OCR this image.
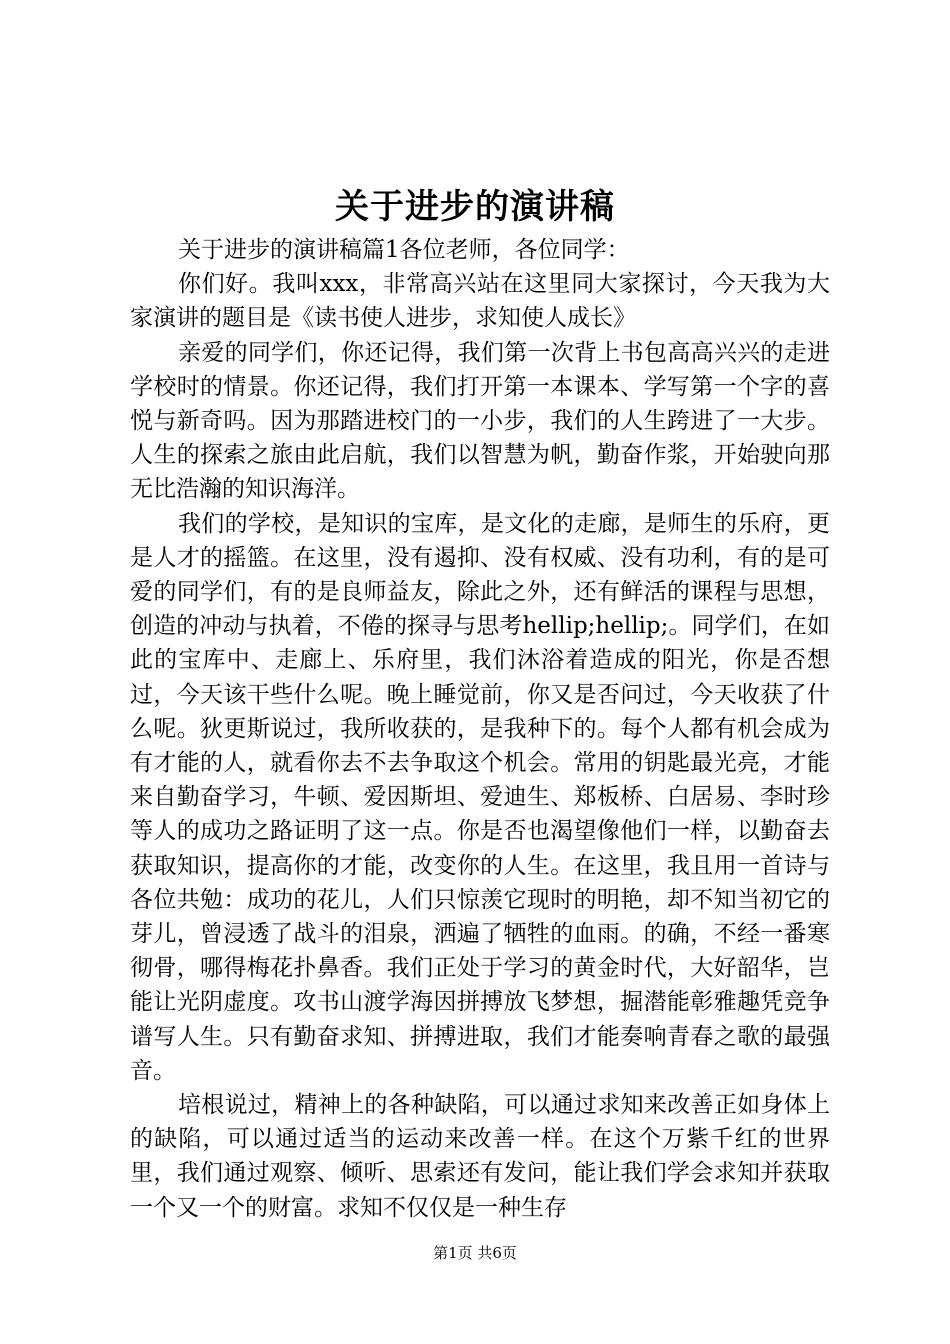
关于进步的演讲稿

关于进步的演讲稿篇1各位老师，各位同学：

你们好。我叫xxx，非常高兴站在这里同大家探讨，今天我为大家演讲的题目是《读书使人进步，求知使人成长》

亲爱的同学们，你还记得，我们第一次背上书包高高兴兴的走进学校时的情景。你还记得，我们打开第一本课本、学写第一个字的喜悦与新奇吗。因为那踏进校门的一小步，我们的人生跨进了一大步。人生的探索之旅由此启航，我们以智慧为帆，勤奋作浆，开始驶向那无比浩瀚的知识海洋。

我们的学校，是知识的宝库，是文化的走廊，是师生的乐府，更是人才的摇篮。在这里，没有遏抑、没有权威、没有功利，有的是可爱的同学们，有的是良师益友，除此之外，还有鲜活的课程与思想，创造的冲动与执着，不倦的探寻与思考hellip;hellip;。同学们，在如此的宝库中、走廊上、乐府里，我们沐浴着造成的阳光，你是否想过，今天该干些什么呢。晚上睡觉前，你又是否问过，今天收获了什么呢。狄更斯说过，我所收获的，是我种下的。每个人都有机会成为有才能的人，就看你去不去争取这个机会。常用的钥匙最光亮，才能来自勤奋学习，牛顿、爱因斯坦、爱迪生、郑板桥、白居易、李时珍等人的成功之路证明了这一点。你是否也渴望像他们一样，以勤奋去获取知识，提高你的才能，改变你的人生。在这里，我且用一首诗与各位共勉：成功的花儿，人们只惊羡它现时的明艳，却不知当初它的芽儿，曾浸透了战斗的泪泉，洒遍了牺牲的血雨。的确，不经一番寒彻骨，哪得梅花扑鼻香。我们正处于学习的黄金时代，大好韶华，岂能让光阴虚度。攻书山渡学海因拼搏放飞梦想，掘潜能彰雅趣凭竞争谱写人生。只有勤奋求知、拼搏进取，我们才能奏响青春之歌的最强音。

培根说过，精神上的各种缺陷，可以通过求知来改善正如身体上的缺陷，可以通过适当的运动来改善一样。在这个万紫千红的世界里，我们通过观察、倾听、思索还有发问，能让我们学会求知并获取一个又一个的财富。求知不仅仅是一种生存

第1页 共6页
